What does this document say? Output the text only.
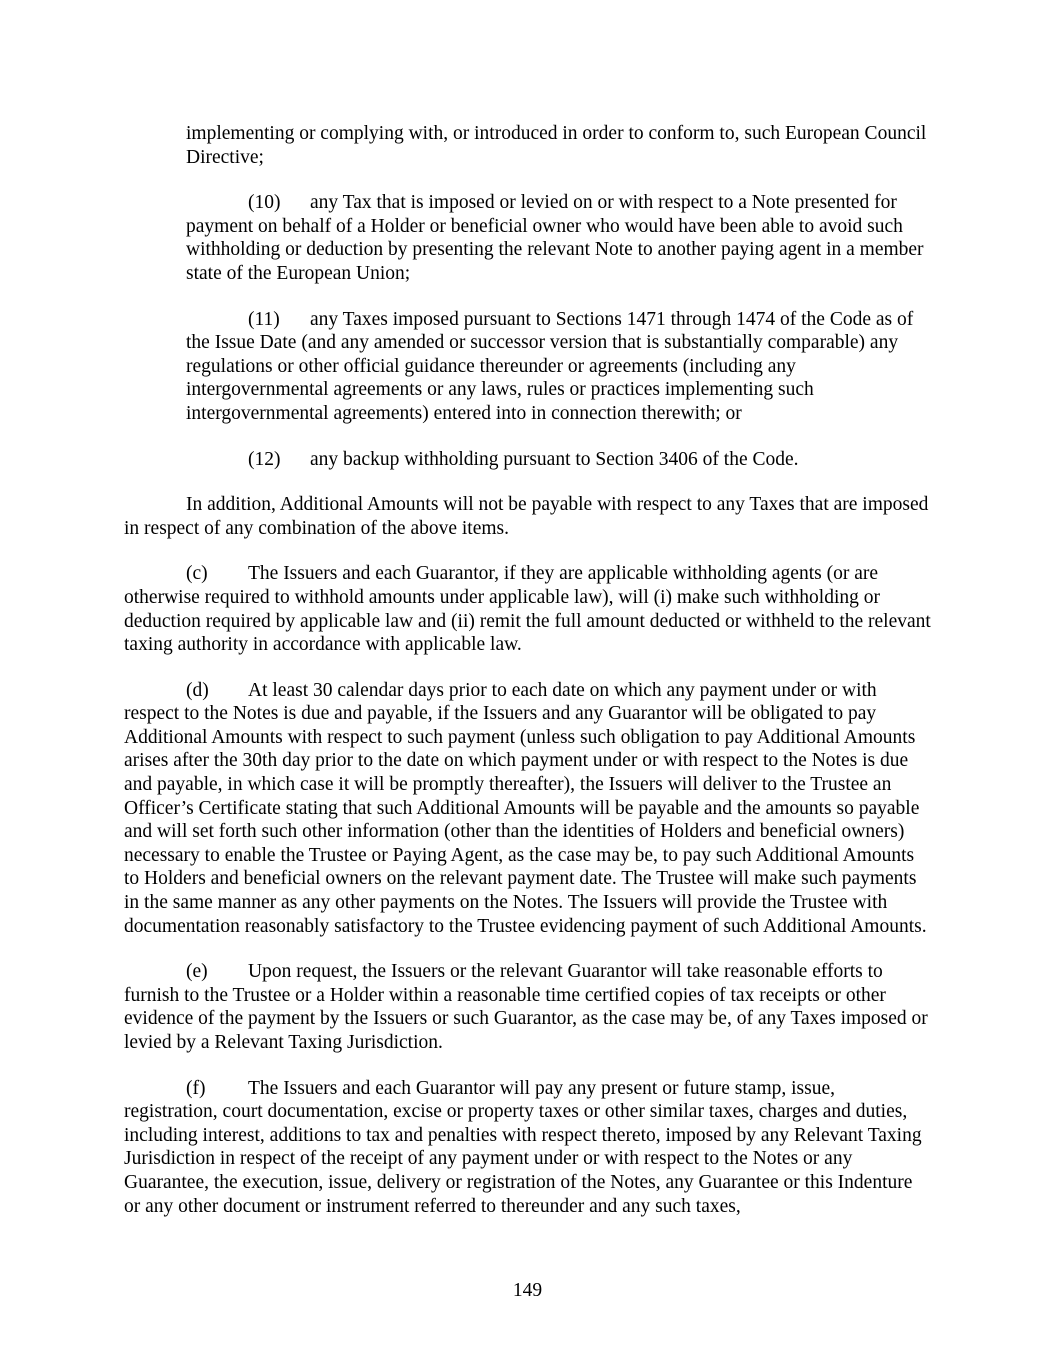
implementing or complying with, or introduced in order to conform to, such European Council Directive;

(10) any Tax that is imposed or levied on or with respect to a Note presented for payment on behalf of a Holder or beneficial owner who would have been able to avoid such withholding or deduction by presenting the relevant Note to another paying agent in a member state of the European Union;

(11) any Taxes imposed pursuant to Sections 1471 through 1474 of the Code as of the Issue Date (and any amended or successor version that is substantially comparable) any regulations or other official guidance thereunder or agreements (including any intergovernmental agreements or any laws, rules or practices implementing such intergovernmental agreements) entered into in connection therewith; or

(12) any backup withholding pursuant to Section 3406 of the Code.

In addition, Additional Amounts will not be payable with respect to any Taxes that are imposed in respect of any combination of the above items.

(c) The Issuers and each Guarantor, if they are applicable withholding agents (or are otherwise required to withhold amounts under applicable law), will (i) make such withholding or deduction required by applicable law and (ii) remit the full amount deducted or withheld to the relevant taxing authority in accordance with applicable law.

(d) At least 30 calendar days prior to each date on which any payment under or with respect to the Notes is due and payable, if the Issuers and any Guarantor will be obligated to pay Additional Amounts with respect to such payment (unless such obligation to pay Additional Amounts arises after the 30th day prior to the date on which payment under or with respect to the Notes is due and payable, in which case it will be promptly thereafter), the Issuers will deliver to the Trustee an Officer’s Certificate stating that such Additional Amounts will be payable and the amounts so payable and will set forth such other information (other than the identities of Holders and beneficial owners) necessary to enable the Trustee or Paying Agent, as the case may be, to pay such Additional Amounts to Holders and beneficial owners on the relevant payment date. The Trustee will make such payments in the same manner as any other payments on the Notes. The Issuers will provide the Trustee with documentation reasonably satisfactory to the Trustee evidencing payment of such Additional Amounts.

(e) Upon request, the Issuers or the relevant Guarantor will take reasonable efforts to furnish to the Trustee or a Holder within a reasonable time certified copies of tax receipts or other evidence of the payment by the Issuers or such Guarantor, as the case may be, of any Taxes imposed or levied by a Relevant Taxing Jurisdiction.

(f) The Issuers and each Guarantor will pay any present or future stamp, issue, registration, court documentation, excise or property taxes or other similar taxes, charges and duties, including interest, additions to tax and penalties with respect thereto, imposed by any Relevant Taxing Jurisdiction in respect of the receipt of any payment under or with respect to the Notes or any Guarantee, the execution, issue, delivery or registration of the Notes, any Guarantee or this Indenture or any other document or instrument referred to thereunder and any such taxes,

149
